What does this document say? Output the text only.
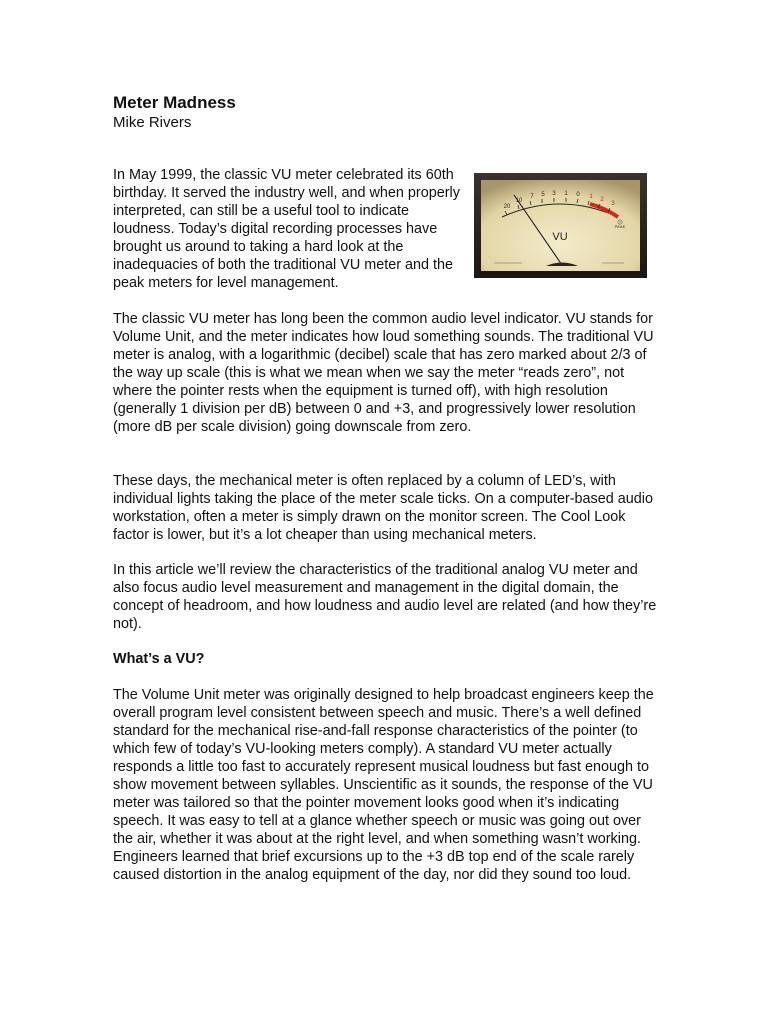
Meter Madness

Mike Rivers

In May 1999, the classic VU meter celebrated its 60th birthday. It served the industry well, and when properly interpreted, can still be a useful tool to indicate loudness. Today’s digital recording processes have brought us around to taking a hard look at the inadequacies of both the traditional VU meter and the peak meters for level management.

20
10
7 5 3 1 0 1 2
3
VU
PEAK

The classic VU meter has long been the common audio level indicator. VU stands for Volume Unit, and the meter indicates how loud something sounds. The traditional VU meter is analog, with a logarithmic (decibel) scale that has zero marked about 2/3 of the way up scale (this is what we mean when we say the meter “reads zero”, not where the pointer rests when the equipment is turned off), with high resolution (generally 1 division per dB) between 0 and +3, and progressively lower resolution (more dB per scale division) going downscale from zero.

These days, the mechanical meter is often replaced by a column of LED’s, with individual lights taking the place of the meter scale ticks. On a computer-based audio workstation, often a meter is simply drawn on the monitor screen. The Cool Look factor is lower, but it’s a lot cheaper than using mechanical meters.

In this article we’ll review the characteristics of the traditional analog VU meter and also focus audio level measurement and management in the digital domain, the concept of headroom, and how loudness and audio level are related (and how they’re not).

What’s a VU?

The Volume Unit meter was originally designed to help broadcast engineers keep the overall program level consistent between speech and music. There’s a well defined standard for the mechanical rise-and-fall response characteristics of the pointer (to which few of today’s VU-looking meters comply). A standard VU meter actually responds a little too fast to accurately represent musical loudness but fast enough to show movement between syllables. Unscientific as it sounds, the response of the VU meter was tailored so that the pointer movement looks good when it’s indicating speech. It was easy to tell at a glance whether speech or music was going out over the air, whether it was about at the right level, and when something wasn’t working. Engineers learned that brief excursions up to the +3 dB top end of the scale rarely caused distortion in the analog equipment of the day, nor did they sound too loud.
